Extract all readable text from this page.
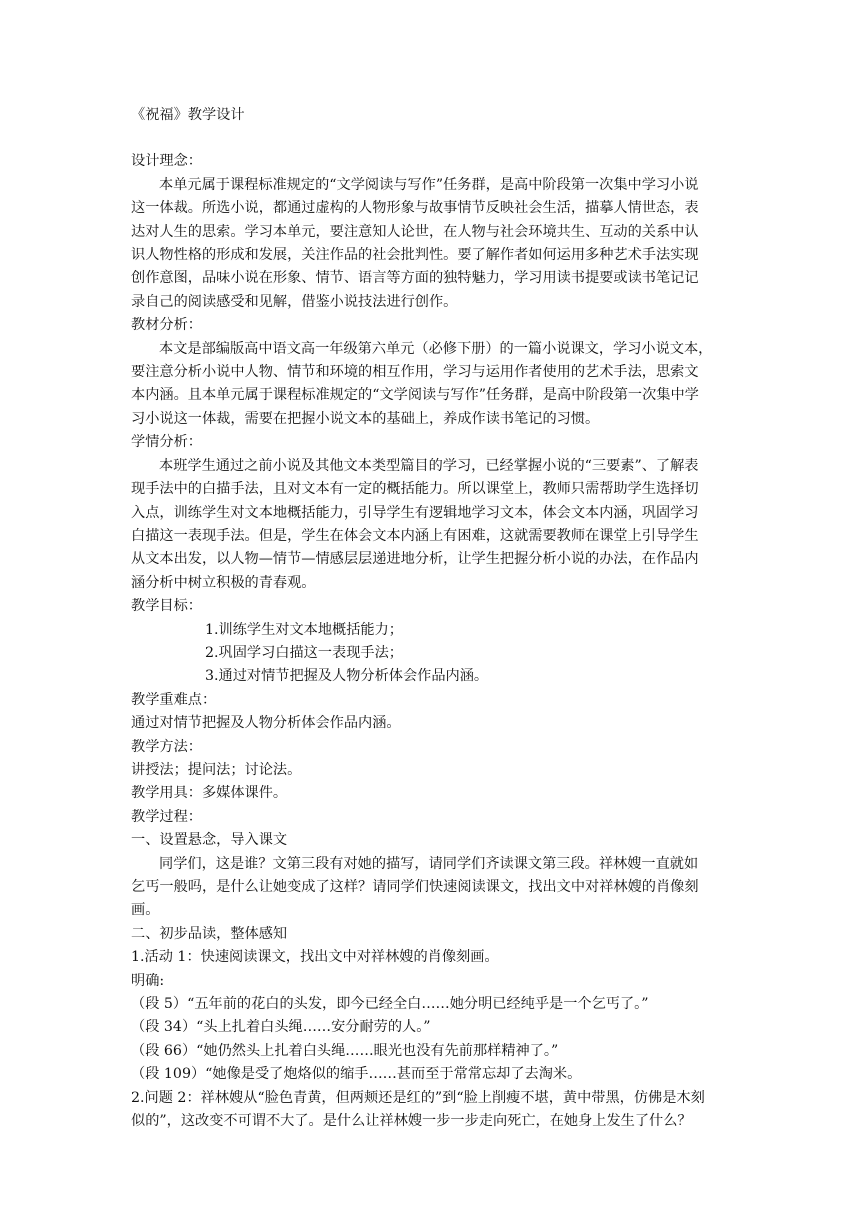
《祝福》教学设计
设计理念：
本单元属于课程标准规定的“文学阅读与写作”任务群，是高中阶段第一次集中学习小说
这一体裁。所选小说，都通过虚构的人物形象与故事情节反映社会生活，描摹人情世态，表
达对人生的思索。学习本单元，要注意知人论世，在人物与社会环境共生、互动的关系中认
识人物性格的形成和发展，关注作品的社会批判性。要了解作者如何运用多种艺术手法实现
创作意图，品味小说在形象、情节、语言等方面的独特魅力，学习用读书提要或读书笔记记
录自己的阅读感受和见解，借鉴小说技法进行创作。
教材分析：
本文是部编版高中语文高一年级第六单元（必修下册）的一篇小说课文，学习小说文本，
要注意分析小说中人物、情节和环境的相互作用，学习与运用作者使用的艺术手法，思索文
本内涵。且本单元属于课程标准规定的“文学阅读与写作”任务群，是高中阶段第一次集中学
习小说这一体裁，需要在把握小说文本的基础上，养成作读书笔记的习惯。
学情分析：
本班学生通过之前小说及其他文本类型篇目的学习，已经掌握小说的“三要素”、了解表
现手法中的白描手法，且对文本有一定的概括能力。所以课堂上，教师只需帮助学生选择切
入点，训练学生对文本地概括能力，引导学生有逻辑地学习文本，体会文本内涵，巩固学习
白描这一表现手法。但是，学生在体会文本内涵上有困难，这就需要教师在课堂上引导学生
从文本出发，以人物—情节—情感层层递进地分析，让学生把握分析小说的办法，在作品内
涵分析中树立积极的青春观。
教学目标：
1.训练学生对文本地概括能力；
2.巩固学习白描这一表现手法；
3.通过对情节把握及人物分析体会作品内涵。
教学重难点：
通过对情节把握及人物分析体会作品内涵。
教学方法：
讲授法；提问法；讨论法。
教学用具：多媒体课件。
教学过程：
一、设置悬念，导入课文
同学们，这是谁？文第三段有对她的描写，请同学们齐读课文第三段。祥林嫂一直就如
乞丐一般吗，是什么让她变成了这样？请同学们快速阅读课文，找出文中对祥林嫂的肖像刻
画。
二、初步品读，整体感知
1.活动 1：快速阅读课文，找出文中对祥林嫂的肖像刻画。
明确:
（段 5）“五年前的花白的头发，即今已经全白……她分明已经纯乎是一个乞丐了。”
（段 34）“头上扎着白头绳……安分耐劳的人。”
（段 66）“她仍然头上扎着白头绳……眼光也没有先前那样精神了。”
（段 109）“她像是受了炮烙似的缩手……甚而至于常常忘却了去淘米。
2.问题 2：祥林嫂从“脸色青黄，但两颊还是红的”到“脸上削瘦不堪，黄中带黑，仿佛是木刻
似的”，这改变不可谓不大了。是什么让祥林嫂一步一步走向死亡，在她身上发生了什么？
